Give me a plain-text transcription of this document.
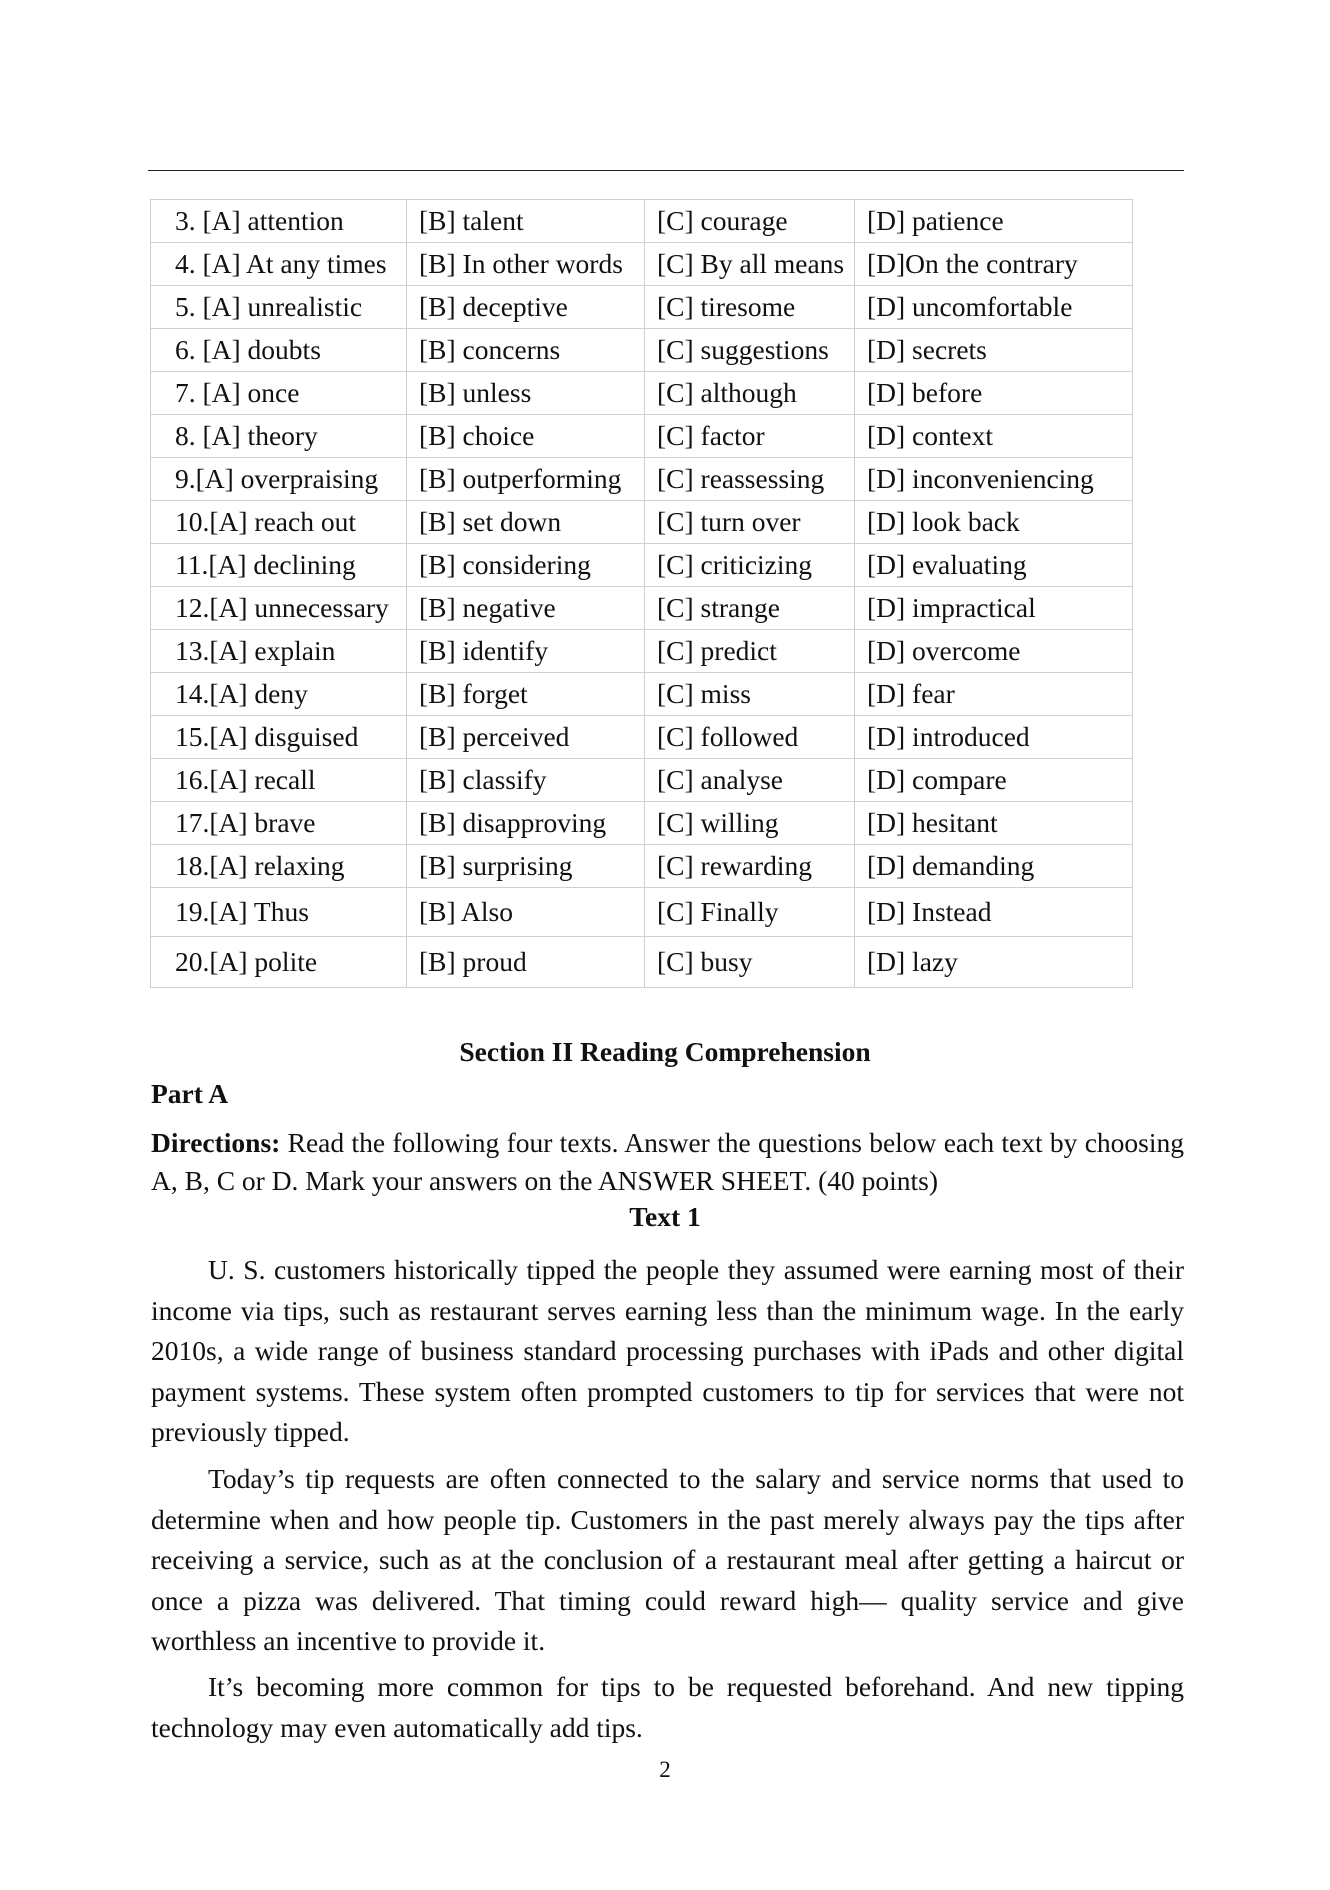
3. [A] attention	[B] talent	[C] courage	[D] patience
4. [A] At any times	[B] In other words	[C] By all means	[D]On the contrary
5. [A] unrealistic	[B] deceptive	[C] tiresome	[D] uncomfortable
6. [A] doubts	[B] concerns	[C] suggestions	[D] secrets
7. [A] once	[B] unless	[C] although	[D] before
8. [A] theory	[B] choice	[C] factor	[D] context
9.[A] overpraising	[B] outperforming	[C] reassessing	[D] inconveniencing
10.[A] reach out	[B] set down	[C] turn over	[D] look back
11.[A] declining	[B] considering	[C] criticizing	[D] evaluating
12.[A] unnecessary	[B] negative	[C] strange	[D] impractical
13.[A] explain	[B] identify	[C] predict	[D] overcome
14.[A] deny	[B] forget	[C] miss	[D] fear
15.[A] disguised	[B] perceived	[C] followed	[D] introduced
16.[A] recall	[B] classify	[C] analyse	[D] compare
17.[A] brave	[B] disapproving	[C] willing	[D] hesitant
18.[A] relaxing	[B] surprising	[C] rewarding	[D] demanding
19.[A] Thus	[B] Also	[C] Finally	[D] Instead
20.[A] polite	[B] proud	[C] busy	[D] lazy
Section II Reading Comprehension
Part A
Directions: Read the following four texts. Answer the questions below each text by choosing A, B, C or D. Mark your answers on the ANSWER SHEET. (40 points)
Text 1

U. S. customers historically tipped the people they assumed were earning most of their income via tips, such as restaurant serves earning less than the minimum wage. In the early 2010s, a wide range of business standard processing purchases with iPads and other digital payment systems. These system often prompted customers to tip for services that were not previously tipped.

Today’s tip requests are often connected to the salary and service norms that used to determine when and how people tip. Customers in the past merely always pay the tips after receiving a service, such as at the conclusion of a restaurant meal after getting a haircut or once a pizza was delivered. That timing could reward high— quality service and give worthless an incentive to provide it.

It’s becoming more common for tips to be requested beforehand. And new tipping technology may even automatically add tips.

2
